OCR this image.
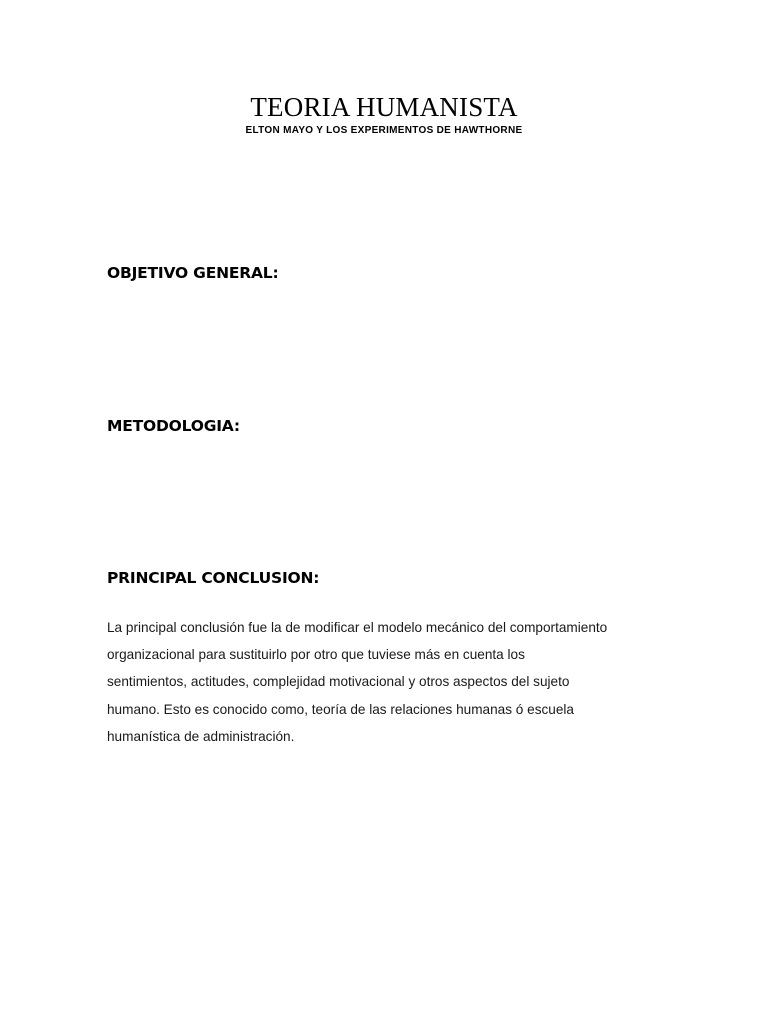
TEORIA HUMANISTA
ELTON MAYO Y LOS EXPERIMENTOS DE HAWTHORNE
OBJETIVO GENERAL:
METODOLOGIA:
PRINCIPAL CONCLUSION:

La principal conclusión fue la de modificar el modelo mecánico del comportamiento
organizacional para sustituirlo por otro que tuviese más en cuenta los
sentimientos, actitudes, complejidad motivacional y otros aspectos del sujeto
humano. Esto es conocido como, teoría de las relaciones humanas ó escuela
humanística de administración.
